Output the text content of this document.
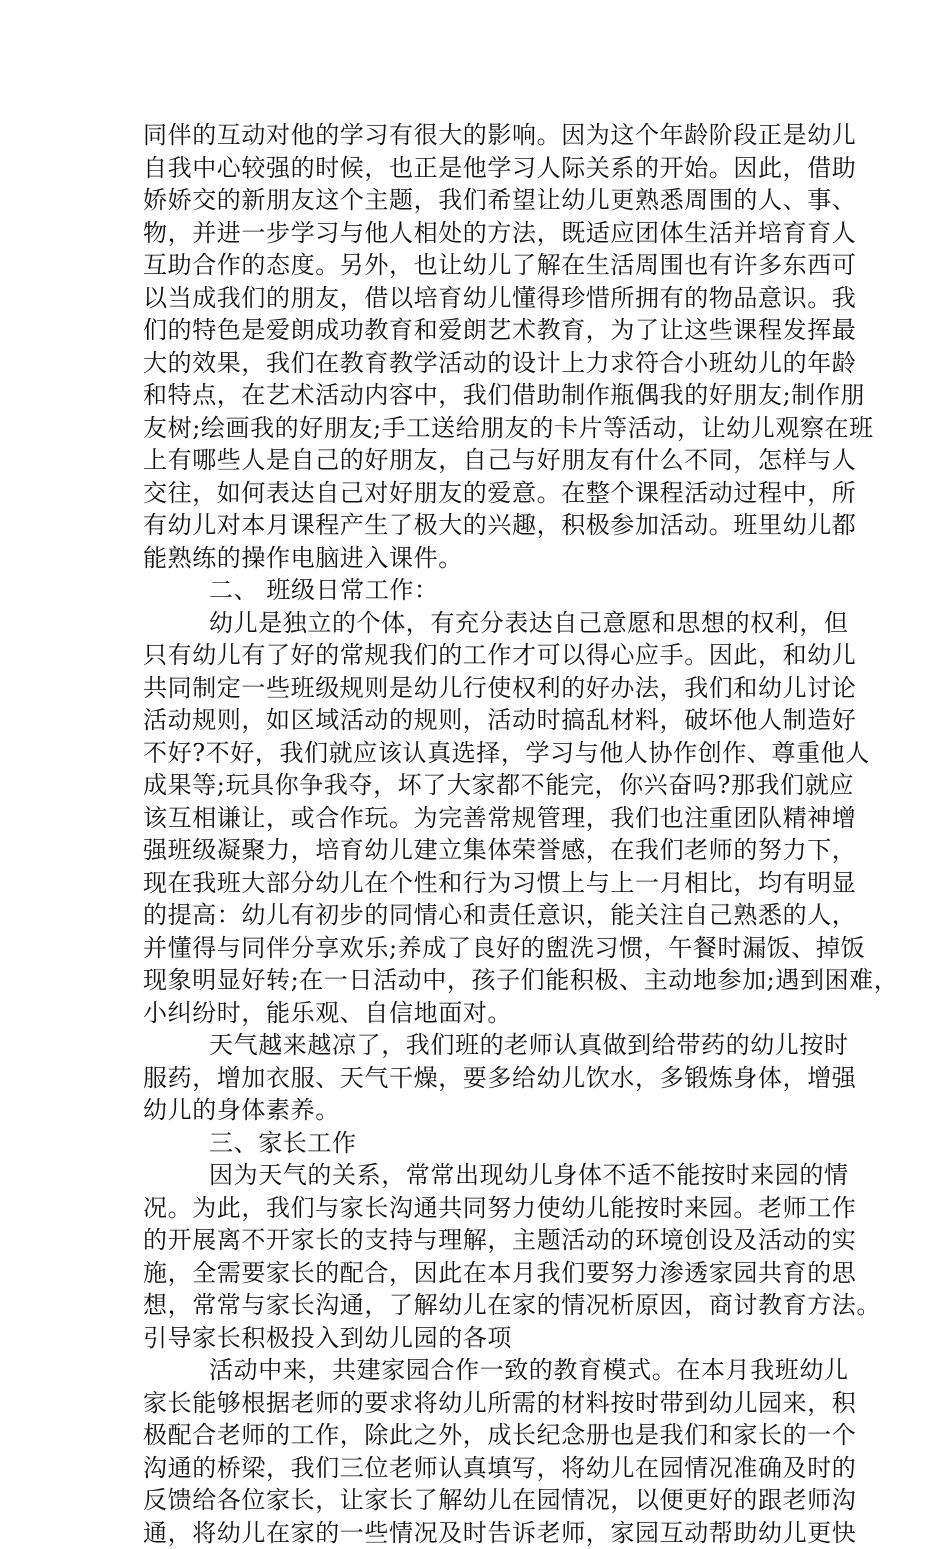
同伴的互动对他的学习有很大的影响。因为这个年龄阶段正是幼儿
自我中心较强的时候，也正是他学习人际关系的开始。因此，借助
娇娇交的新朋友这个主题，我们希望让幼儿更熟悉周围的人、事、
物，并进一步学习与他人相处的方法，既适应团体生活并培育育人
互助合作的态度。另外，也让幼儿了解在生活周围也有许多东西可
以当成我们的朋友，借以培育幼儿懂得珍惜所拥有的物品意识。我
们的特色是爱朗成功教育和爱朗艺术教育，为了让这些课程发挥最
大的效果，我们在教育教学活动的设计上力求符合小班幼儿的年龄
和特点，在艺术活动内容中，我们借助制作瓶偶我的好朋友;制作朋
友树;绘画我的好朋友;手工送给朋友的卡片等活动，让幼儿观察在班
上有哪些人是自己的好朋友，自己与好朋友有什么不同，怎样与人
交往，如何表达自己对好朋友的爱意。在整个课程活动过程中，所
有幼儿对本月课程产生了极大的兴趣，积极参加活动。班里幼儿都
能熟练的操作电脑进入课件。
二、 班级日常工作：
幼儿是独立的个体，有充分表达自己意愿和思想的权利，但
只有幼儿有了好的常规我们的工作才可以得心应手。因此，和幼儿
共同制定一些班级规则是幼儿行使权利的好办法，我们和幼儿讨论
活动规则，如区域活动的规则，活动时搞乱材料，破坏他人制造好
不好?不好，我们就应该认真选择，学习与他人协作创作、尊重他人
成果等;玩具你争我夺，坏了大家都不能完，你兴奋吗?那我们就应
该互相谦让，或合作玩。为完善常规管理，我们也注重团队精神增
强班级凝聚力，培育幼儿建立集体荣誉感，在我们老师的努力下，
现在我班大部分幼儿在个性和行为习惯上与上一月相比，均有明显
的提高：幼儿有初步的同情心和责任意识，能关注自己熟悉的人，
并懂得与同伴分享欢乐;养成了良好的盥洗习惯，午餐时漏饭、掉饭
现象明显好转;在一日活动中，孩子们能积极、主动地参加;遇到困难，
小纠纷时，能乐观、自信地面对。
天气越来越凉了，我们班的老师认真做到给带药的幼儿按时
服药，增加衣服、天气干燥，要多给幼儿饮水，多锻炼身体，增强
幼儿的身体素养。
三、家长工作
因为天气的关系，常常出现幼儿身体不适不能按时来园的情
况。为此，我们与家长沟通共同努力使幼儿能按时来园。老师工作
的开展离不开家长的支持与理解，主题活动的环境创设及活动的实
施，全需要家长的配合，因此在本月我们要努力渗透家园共育的思
想，常常与家长沟通，了解幼儿在家的情况析原因，商讨教育方法。
引导家长积极投入到幼儿园的各项
活动中来，共建家园合作一致的教育模式。在本月我班幼儿
家长能够根据老师的要求将幼儿所需的材料按时带到幼儿园来，积
极配合老师的工作，除此之外，成长纪念册也是我们和家长的一个
沟通的桥梁，我们三位老师认真填写，将幼儿在园情况准确及时的
反馈给各位家长，让家长了解幼儿在园情况，以便更好的跟老师沟
通，将幼儿在家的一些情况及时告诉老师，家园互动帮助幼儿更快
